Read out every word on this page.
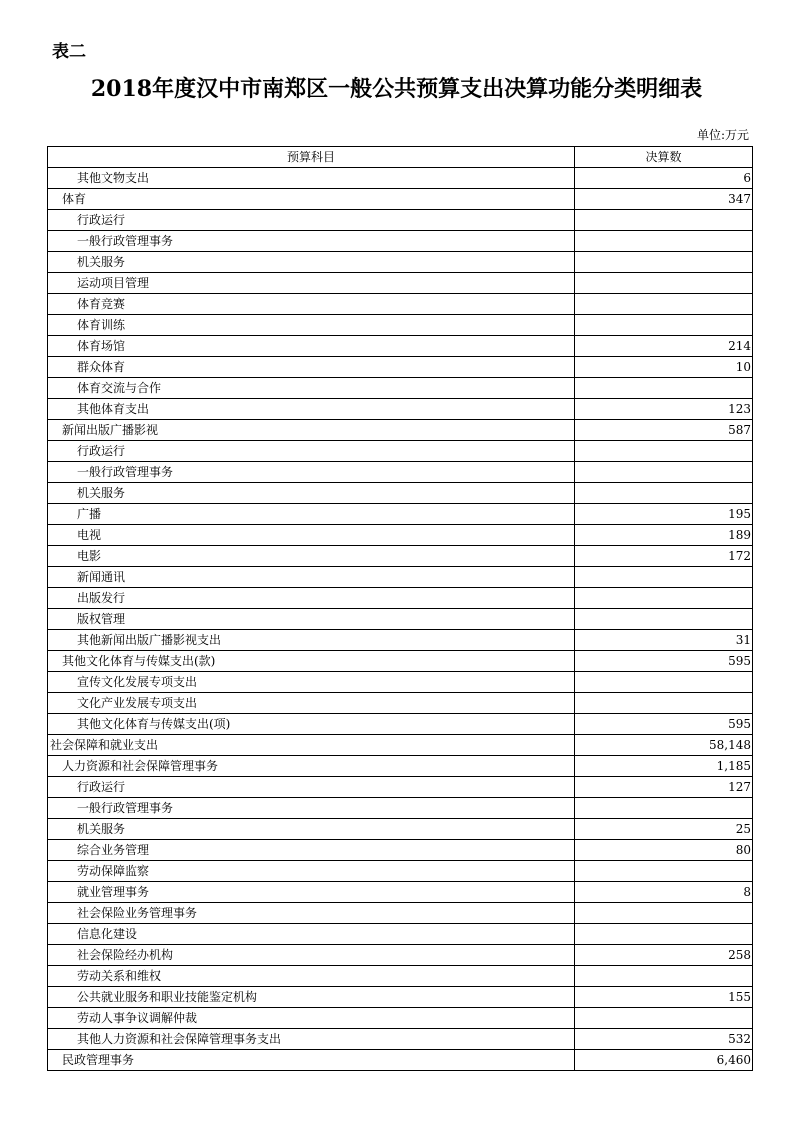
表二
2018年度汉中市南郑区一般公共预算支出决算功能分类明细表
单位:万元
预算科目	决算数
其他文物支出	6
体育	347
行政运行	
一般行政管理事务	
机关服务	
运动项目管理	
体育竞赛	
体育训练	
体育场馆	214
群众体育	10
体育交流与合作	
其他体育支出	123
新闻出版广播影视	587
行政运行	
一般行政管理事务	
机关服务	
广播	195
电视	189
电影	172
新闻通讯	
出版发行	
版权管理	
其他新闻出版广播影视支出	31
其他文化体育与传媒支出(款)	595
宣传文化发展专项支出	
文化产业发展专项支出	
其他文化体育与传媒支出(项)	595
社会保障和就业支出	58,148
人力资源和社会保障管理事务	1,185
行政运行	127
一般行政管理事务	
机关服务	25
综合业务管理	80
劳动保障监察	
就业管理事务	8
社会保险业务管理事务	
信息化建设	
社会保险经办机构	258
劳动关系和维权	
公共就业服务和职业技能鉴定机构	155
劳动人事争议调解仲裁	
其他人力资源和社会保障管理事务支出	532
民政管理事务	6,460
